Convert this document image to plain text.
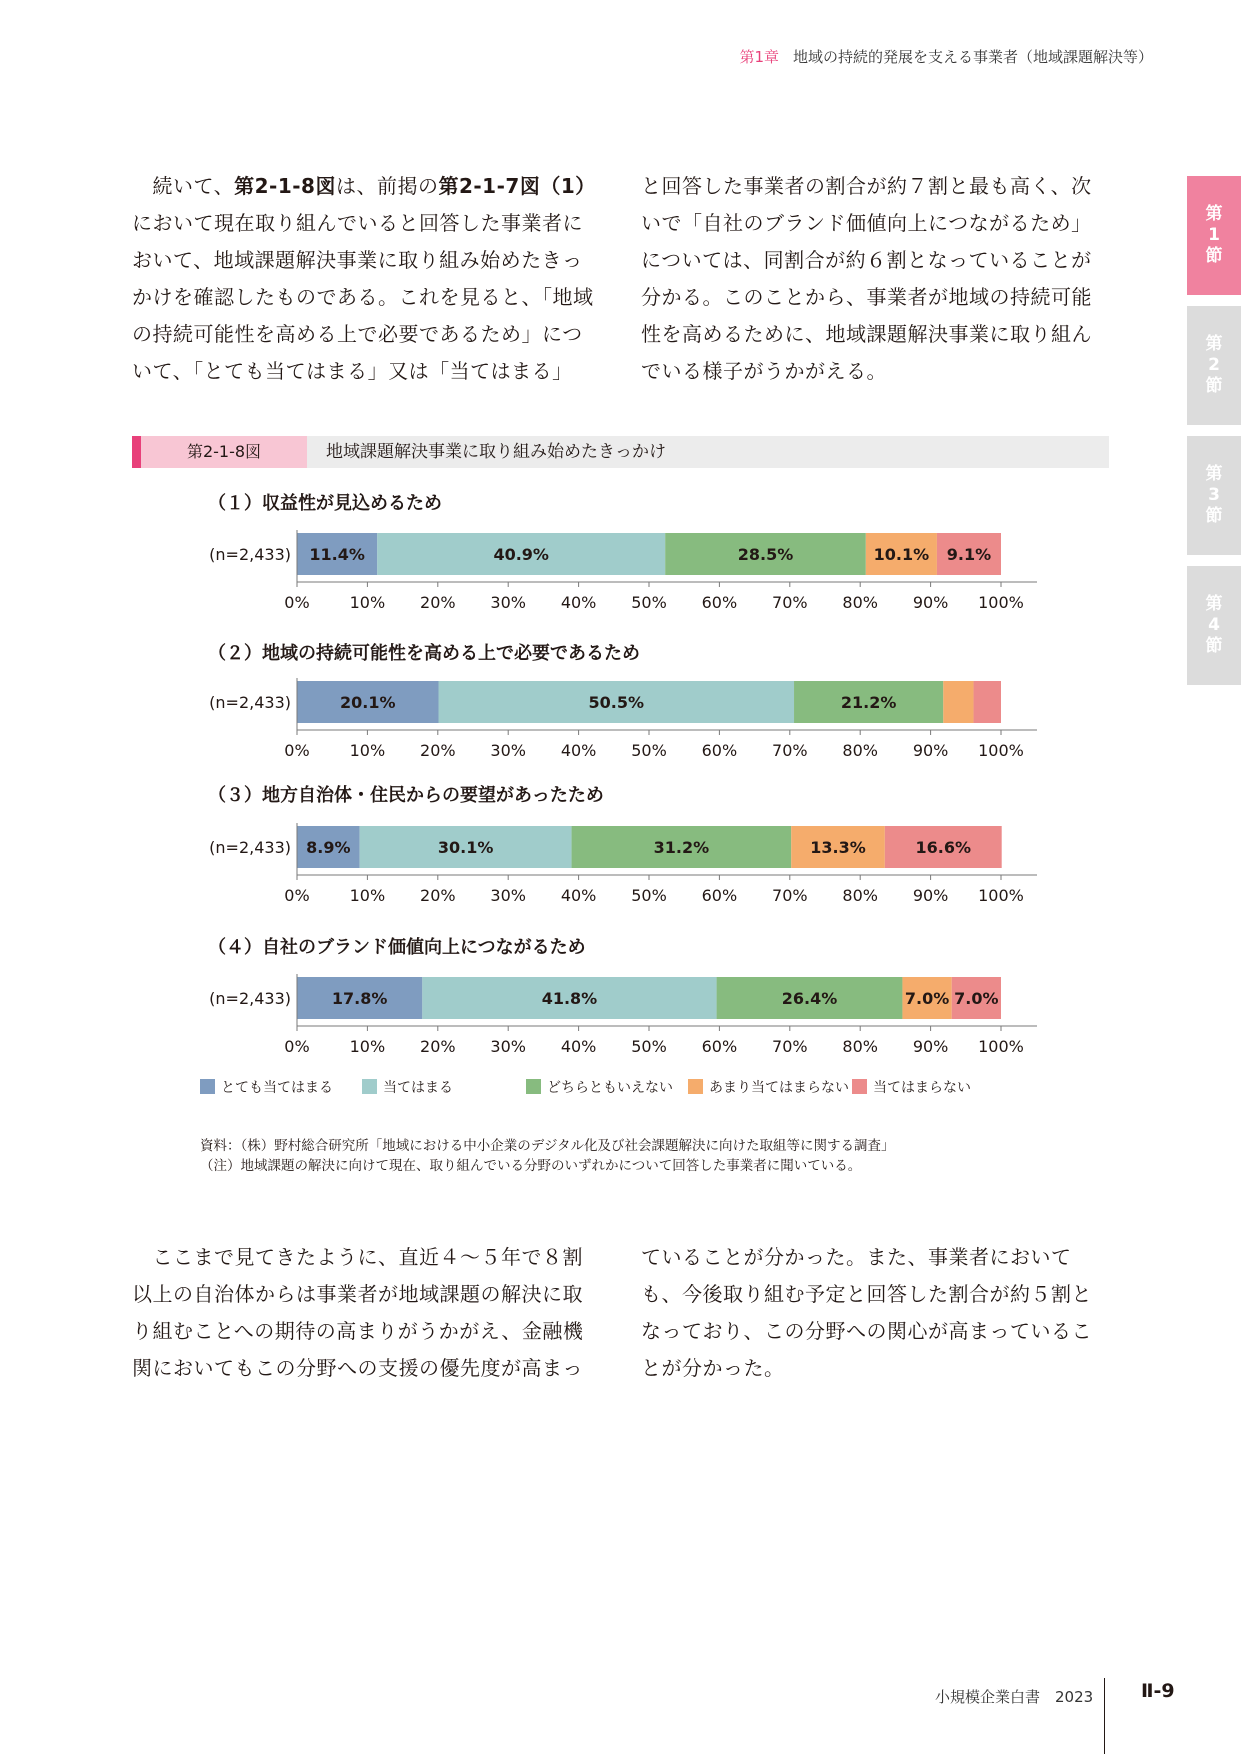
第1章 地域の持続的発展を支える事業者（地域課題解決等）
第
1
節
第
2
節
第
3
節
第
4
節

　続いて、第2-1-8図は、前掲の第2-1-7図（1）において現在取り組んでいると回答した事業者において、地域課題解決事業に取り組み始めたきっかけを確認したものである。これを見ると、「地域の持続可能性を高める上で必要であるため」について、「とても当てはまる」又は「当てはまる」

と回答した事業者の割合が約７割と最も高く、次いで「自社のブランド価値向上につながるため」については、同割合が約６割となっていることが分かる。このことから、事業者が地域の持続可能性を高めるために、地域課題解決事業に取り組んでいる様子がうかがえる。

第2-1-8図	地域課題解決事業に取り組み始めたきっかけ
（１）収益性が見込めるため
（２）地域の持続可能性を高める上で必要であるため
（３）地方自治体・住民からの要望があったため
（４）自社のブランド価値向上につながるため
(n=2,433) 11.4%	40.9%	28.5%	10.1% 9.1%
0% 10% 20% 30% 40% 50% 60% 70% 80% 90% 100%
(n=2,433)	20.1%	50.5%	21.2%
0% 10% 20% 30% 40% 50% 60% 70% 80% 90% 100%
(n=2,433) 8.9%	30.1%	31.2%	13.3%	16.6%
0% 10% 20% 30% 40% 50% 60% 70% 80% 90% 100%
(n=2,433)	17.8%	41.8%	26.4%	7.0% 7.0%
0% 10% 20% 30% 40% 50% 60% 70% 80% 90% 100%
とても当てはまる	当てはまる	どちらともいえない	あまり当てはまらない	当てはまらない
資料：（株）野村総合研究所「地域における中小企業のデジタル化及び社会課題解決に向けた取組等に関する調査」
（注）地域課題の解決に向けて現在、取り組んでいる分野のいずれかについて回答した事業者に聞いている。

　ここまで見てきたように、直近４～５年で８割以上の自治体からは事業者が地域課題の解決に取り組むことへの期待の高まりがうかがえ、金融機関においてもこの分野への支援の優先度が高まっ

ていることが分かった。また、事業者においても、今後取り組む予定と回答した割合が約５割となっており、この分野への関心が高まっていることが分かった。

小規模企業白書　2023	Ⅱ-9
